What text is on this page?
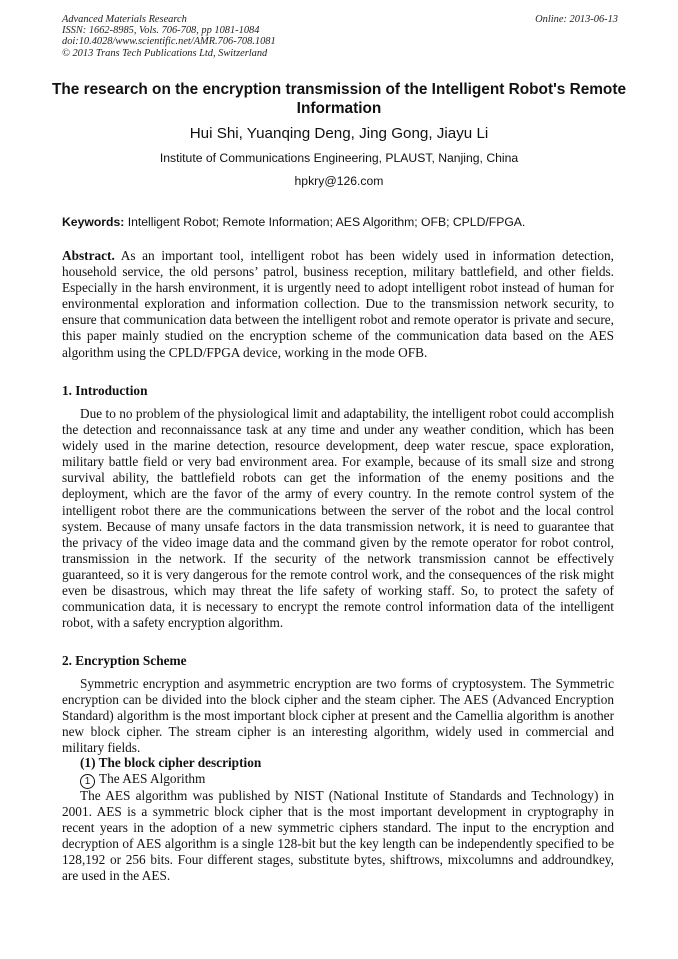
Advanced Materials Research
ISSN: 1662-8985, Vols. 706-708, pp 1081-1084
doi:10.4028/www.scientific.net/AMR.706-708.1081
© 2013 Trans Tech Publications Ltd, Switzerland
Online: 2013-06-13
The research on the encryption transmission of the Intelligent Robot's Remote Information
Hui Shi, Yuanqing Deng, Jing Gong, Jiayu Li
Institute of Communications Engineering, PLAUST, Nanjing, China
hpkry@126.com
Keywords: Intelligent Robot; Remote Information; AES Algorithm; OFB; CPLD/FPGA.
Abstract. As an important tool, intelligent robot has been widely used in information detection, household service, the old persons’ patrol, business reception, military battlefield, and other fields. Especially in the harsh environment, it is urgently need to adopt intelligent robot instead of human for environmental exploration and information collection. Due to the transmission network security, to ensure that communication data between the intelligent robot and remote operator is private and secure, this paper mainly studied on the encryption scheme of the communication data based on the AES algorithm using the CPLD/FPGA device, working in the mode OFB.
1. Introduction
Due to no problem of the physiological limit and adaptability, the intelligent robot could accomplish the detection and reconnaissance task at any time and under any weather condition, which has been widely used in the marine detection, resource development, deep water rescue, space exploration, military battle field or very bad environment area. For example, because of its small size and strong survival ability, the battlefield robots can get the information of the enemy positions and the deployment, which are the favor of the army of every country. In the remote control system of the intelligent robot there are the communications between the server of the robot and the local control system. Because of many unsafe factors in the data transmission network, it is need to guarantee that the privacy of the video image data and the command given by the remote operator for robot control, transmission in the network. If the security of the network transmission cannot be effectively guaranteed, so it is very dangerous for the remote control work, and the consequences of the risk might even be disastrous, which may threat the life safety of working staff. So, to protect the safety of communication data, it is necessary to encrypt the remote control information data of the intelligent robot, with a safety encryption algorithm.
2. Encryption Scheme
Symmetric encryption and asymmetric encryption are two forms of cryptosystem. The Symmetric encryption can be divided into the block cipher and the steam cipher. The AES (Advanced Encryption Standard) algorithm is the most important block cipher at present and the Camellia algorithm is another new block cipher. The stream cipher is an interesting algorithm, widely used in commercial and military fields.
(1) The block cipher description
1 The AES Algorithm
The AES algorithm was published by NIST (National Institute of Standards and Technology) in 2001. AES is a symmetric block cipher that is the most important development in cryptography in recent years in the adoption of a new symmetric ciphers standard. The input to the encryption and decryption of AES algorithm is a single 128-bit but the key length can be independently specified to be 128,192 or 256 bits. Four different stages, substitute bytes, shiftrows, mixcolumns and addroundkey, are used in the AES.
